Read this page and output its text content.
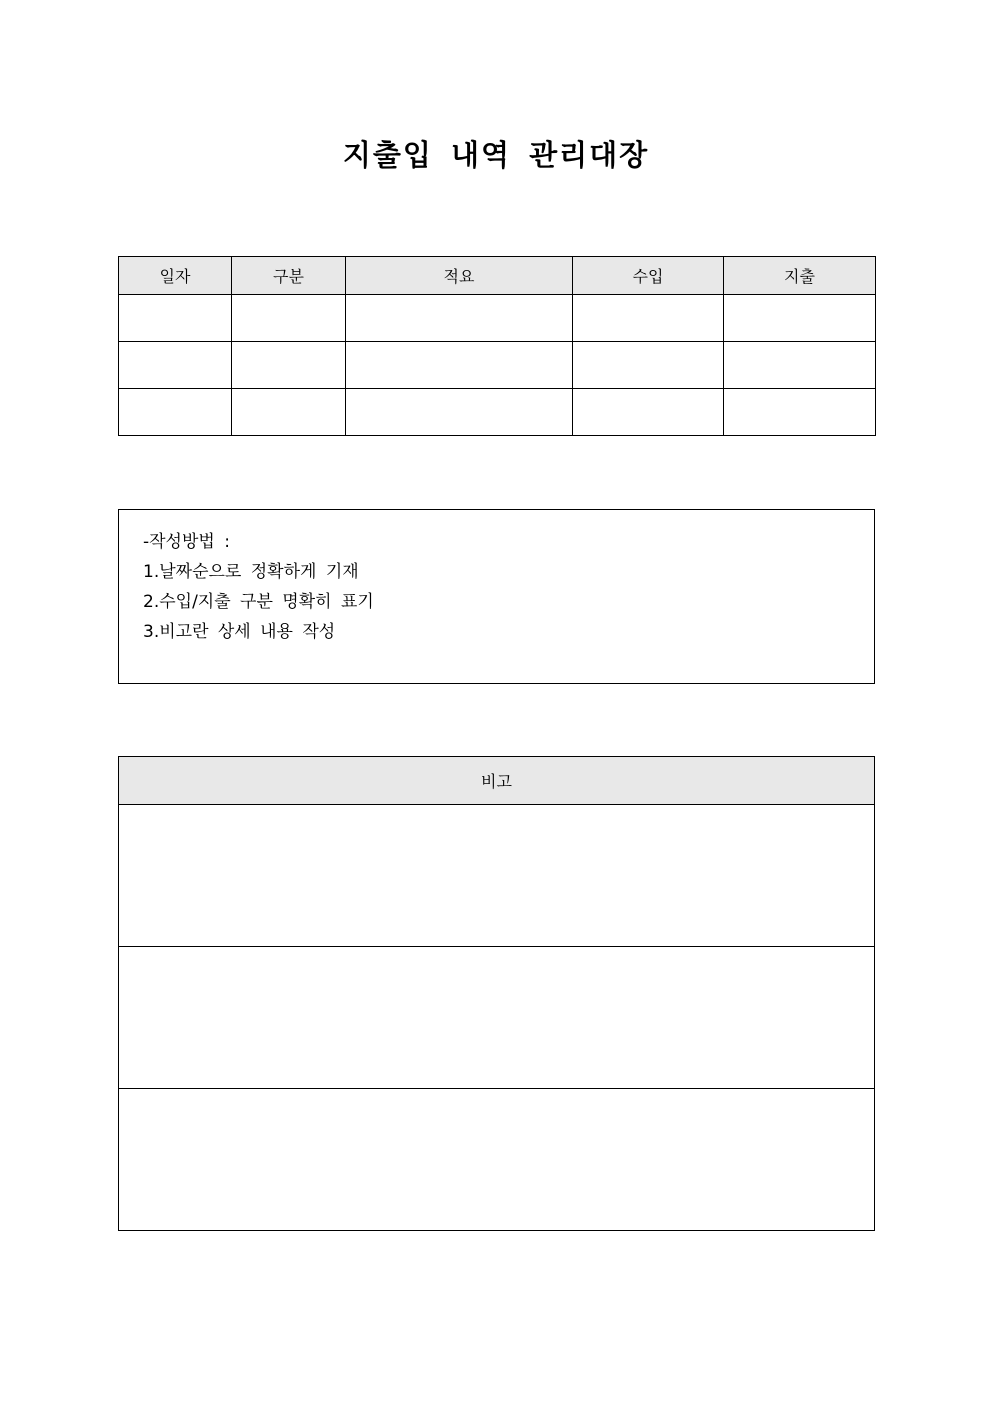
지출입 내역 관리대장
일자	구분	적요	수입	지출

-작성방법 :
1.날짜순으로 정확하게 기재
2.수입/지출 구분 명확히 표기
3.비고란 상세 내용 작성
비고
